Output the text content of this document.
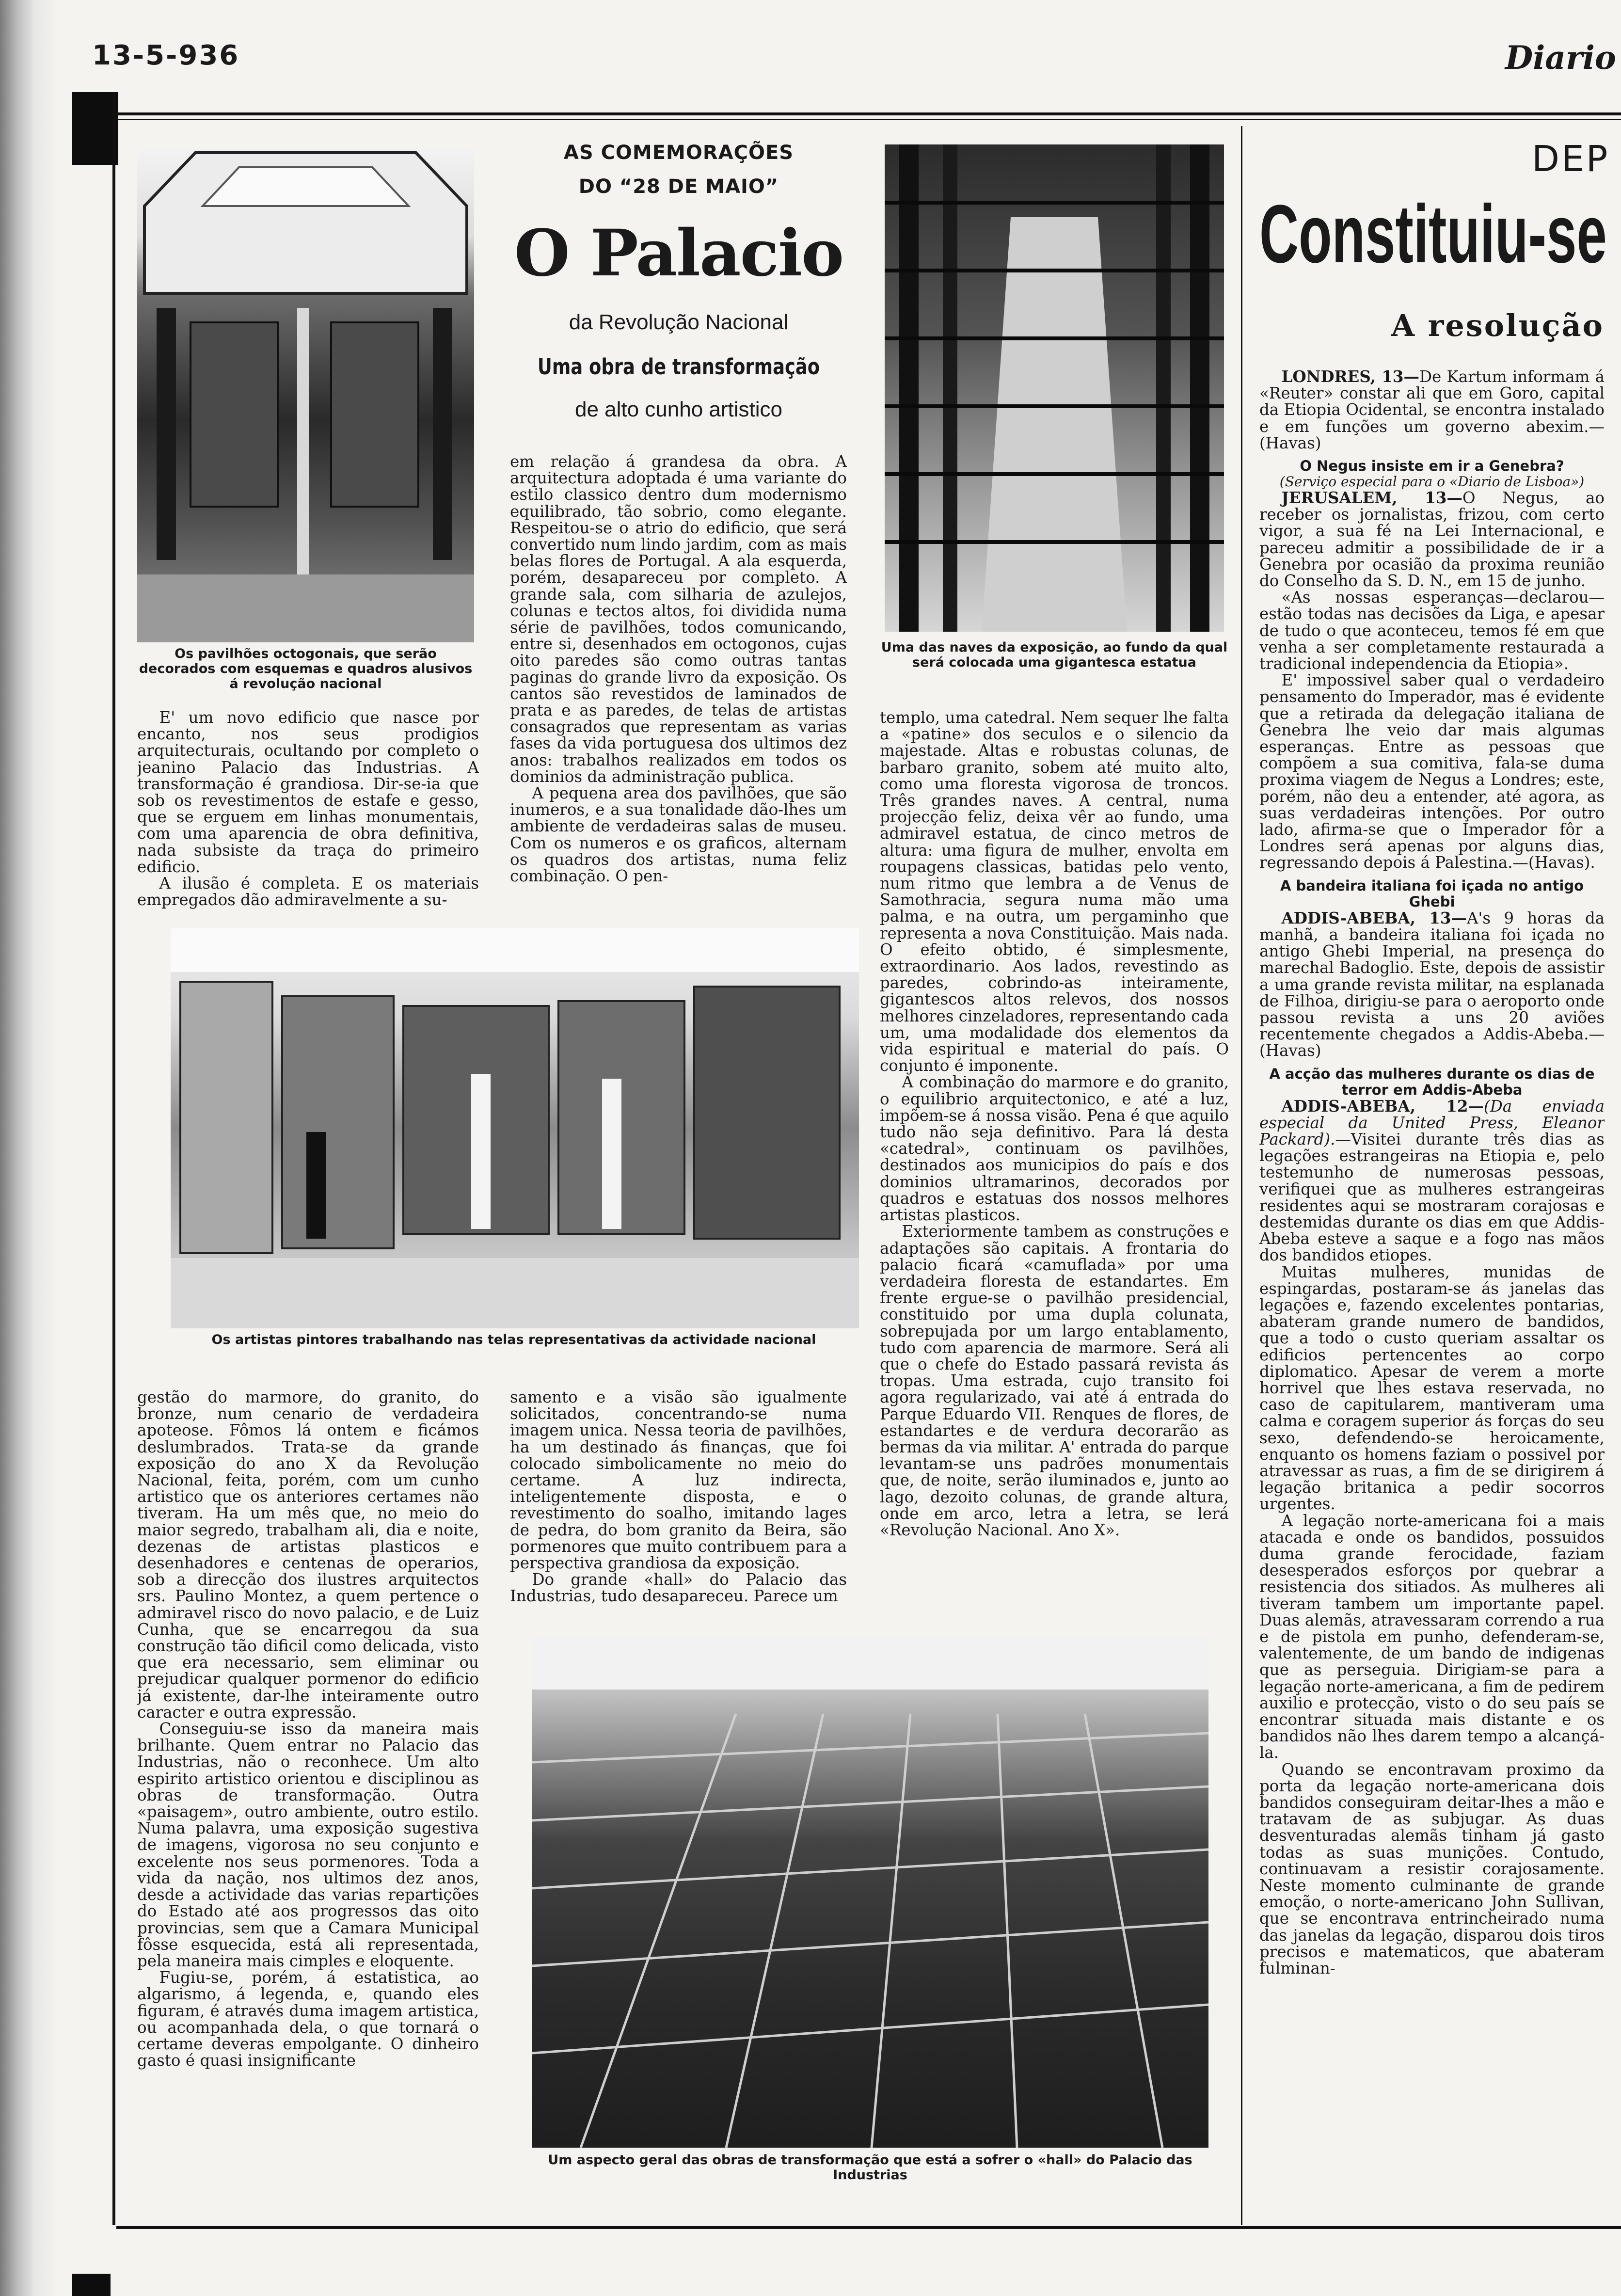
13-5-936	Diario
Os pavilhões octogonais, que serão decorados com esquemas e quadros alusivos á revolução nacional

E' um novo edificio que nasce por encanto, nos seus prodigios arquitecturais, ocultando por completo o jeanino Palacio das Industrias. A transformação é grandiosa. Dir-se-ia que sob os revestimentos de estafe e gesso, que se erguem em linhas monumentais, com uma aparencia de obra definitiva, nada subsiste da traça do primeiro edificio.

A ilusão é completa. E os materiais empregados dão admiravelmente a su-

AS COMEMORAÇÕES
DO “28 DE MAIO”
O Palacio
da Revolução Nacional
Uma obra de transformação
de alto cunho artistico

em relação á grandesa da obra. A arquitectura adoptada é uma variante do estilo classico dentro dum modernismo equilibrado, tão sobrio, como elegante. Respeitou-se o atrio do edificio, que será convertido num lindo jardim, com as mais belas flores de Portugal. A ala esquerda, porém, desapareceu por completo. A grande sala, com silharia de azulejos, colunas e tectos altos, foi dividida numa série de pavilhões, todos comunicando, entre si, desenhados em octogonos, cujas oito paredes são como outras tantas paginas do grande livro da exposição. Os cantos são revestidos de laminados de prata e as paredes, de telas de artistas consagrados que representam as varias fases da vida portuguesa dos ultimos dez anos: trabalhos realizados em todos os dominios da administração publica.

A pequena area dos pavilhões, que são inumeros, e a sua tonalidade dão-lhes um ambiente de verdadeiras salas de museu. Com os numeros e os graficos, alternam os quadros dos artistas, numa feliz combinação. O pen-

Uma das naves da exposição, ao fundo da qual será colocada uma gigantesca estatua

templo, uma catedral. Nem sequer lhe falta a «patine» dos seculos e o silencio da majestade. Altas e robustas colunas, de barbaro granito, sobem até muito alto, como uma floresta vigorosa de troncos. Três grandes naves. A central, numa projecção feliz, deixa vêr ao fundo, uma admiravel estatua, de cinco metros de altura: uma figura de mulher, envolta em roupagens classicas, batidas pelo vento, num ritmo que lembra a de Venus de Samothracia, segura numa mão uma palma, e na outra, um pergaminho que representa a nova Constituição. Mais nada. O efeito obtido, é simplesmente, extraordinario. Aos lados, revestindo as paredes, cobrindo-as inteiramente, gigantescos altos relevos, dos nossos melhores cinzeladores, representando cada um, uma modalidade dos elementos da vida espiritual e material do país. O conjunto é imponente.

A combinação do marmore e do granito, o equilibrio arquitectonico, e até a luz, impõem-se á nossa visão. Pena é que aquilo tudo não seja definitivo. Para lá desta «catedral», continuam os pavilhões, destinados aos municipios do país e dos dominios ultramarinos, decorados por quadros e estatuas dos nossos melhores artistas plasticos.

Exteriormente tambem as construções e adaptações são capitais. A frontaria do palacio ficará «camuflada» por uma verdadeira floresta de estandartes. Em frente ergue-se o pavilhão presidencial, constituido por uma dupla colunata, sobrepujada por um largo entablamento, tudo com aparencia de marmore. Será ali que o chefe do Estado passará revista ás tropas. Uma estrada, cujo transito foi agora regularizado, vai até á entrada do Parque Eduardo VII. Renques de flores, de estandartes e de verdura decorarão as bermas da via militar. A' entrada do parque levantam-se uns padrões monumentais que, de noite, serão iluminados e, junto ao lago, dezoito colunas, de grande altura, onde em arco, letra a letra, se lerá «Revolução Nacional. Ano X».

Os artistas pintores trabalhando nas telas representativas da actividade nacional

gestão do marmore, do granito, do bronze, num cenario de verdadeira apoteose. Fômos lá ontem e ficámos deslumbrados. Trata-se da grande exposição do ano X da Revolução Nacional, feita, porém, com um cunho artistico que os anteriores certames não tiveram. Ha um mês que, no meio do maior segredo, trabalham ali, dia e noite, dezenas de artistas plasticos e desenhadores e centenas de operarios, sob a direcção dos ilustres arquitectos srs. Paulino Montez, a quem pertence o admiravel risco do novo palacio, e de Luiz Cunha, que se encarregou da sua construção tão dificil como delicada, visto que era necessario, sem eliminar ou prejudicar qualquer pormenor do edificio já existente, dar-lhe inteiramente outro caracter e outra expressão.

Conseguiu-se isso da maneira mais brilhante. Quem entrar no Palacio das Industrias, não o reconhece. Um alto espirito artistico orientou e disciplinou as obras de transformação. Outra «paisagem», outro ambiente, outro estilo. Numa palavra, uma exposição sugestiva de imagens, vigorosa no seu conjunto e excelente nos seus pormenores. Toda a vida da nação, nos ultimos dez anos, desde a actividade das varias repartições do Estado até aos progressos das oito provincias, sem que a Camara Municipal fôsse esquecida, está ali representada, pela maneira mais cimples e eloquente.

Fugiu-se, porém, á estatistica, ao algarismo, á legenda, e, quando eles figuram, é através duma imagem artistica, ou acompanhada dela, o que tornará o certame deveras empolgante. O dinheiro gasto é quasi insignificante

samento e a visão são igualmente solicitados, concentrando-se numa imagem unica. Nessa teoria de pavilhões, ha um destinado ás finanças, que foi colocado simbolicamente no meio do certame. A luz indirecta, inteligentemente disposta, e o revestimento do soalho, imitando lages de pedra, do bom granito da Beira, são pormenores que muito contribuem para a perspectiva grandiosa da exposição.

Do grande «hall» do Palacio das Industrias, tudo desapareceu. Parece um

Um aspecto geral das obras de transformação que está a sofrer o «hall» do Palacio das Industrias
DEP
Constituiu-se
A resolução

LONDRES, 13—De Kartum informam á «Reuter» constar ali que em Goro, capital da Etiopia Ocidental, se encontra instalado e em funções um governo abexim.—(Havas)

O Negus insiste em ir a Genebra?
(Serviço especial para o «Diario de Lisboa»)

JERUSALEM, 13—O Negus, ao receber os jornalistas, frizou, com certo vigor, a sua fé na Lei Internacional, e pareceu admitir a possibilidade de ir a Genebra por ocasião da proxima reunião do Conselho da S. D. N., em 15 de junho.

«As nossas esperanças—declarou— estão todas nas decisões da Liga, e apesar de tudo o que aconteceu, temos fé em que venha a ser completamente restaurada a tradicional independencia da Etiopia».

E' impossivel saber qual o verdadeiro pensamento do Imperador, mas é evidente que a retirada da delegação italiana de Genebra lhe veio dar mais algumas esperanças. Entre as pessoas que compõem a sua comitiva, fala-se duma proxima viagem de Negus a Londres; este, porém, não deu a entender, até agora, as suas verdadeiras intenções. Por outro lado, afirma-se que o Imperador fôr a Londres será apenas por alguns dias, regressando depois á Palestina.—(Havas).

A bandeira italiana foi içada no antigo Ghebi

ADDIS-ABEBA, 13—A's 9 horas da manhã, a bandeira italiana foi içada no antigo Ghebi Imperial, na presença do marechal Badoglio. Este, depois de assistir a uma grande revista militar, na esplanada de Filhoa, dirigiu-se para o aeroporto onde passou revista a uns 20 aviões recentemente chegados a Addis-Abeba.—(Havas)

A acção das mulheres durante os dias de terror em Addis-Abeba

ADDIS-ABEBA, 12—(Da enviada especial da United Press, Eleanor Packard).—Visitei durante três dias as legações estrangeiras na Etiopia e, pelo testemunho de numerosas pessoas, verifiquei que as mulheres estrangeiras residentes aqui se mostraram corajosas e destemidas durante os dias em que Addis-Abeba esteve a saque e a fogo nas mãos dos bandidos etiopes.

Muitas mulheres, munidas de espingardas, postaram-se ás janelas das legações e, fazendo excelentes pontarias, abateram grande numero de bandidos, que a todo o custo queriam assaltar os edificios pertencentes ao corpo diplomatico. Apesar de verem a morte horrivel que lhes estava reservada, no caso de capitularem, mantiveram uma calma e coragem superior ás forças do seu sexo, defendendo-se heroicamente, enquanto os homens faziam o possivel por atravessar as ruas, a fim de se dirigirem á legação britanica a pedir socorros urgentes.

A legação norte-americana foi a mais atacada e onde os bandidos, possuidos duma grande ferocidade, faziam desesperados esforços por quebrar a resistencia dos sitiados. As mulheres ali tiveram tambem um importante papel. Duas alemãs, atravessaram correndo a rua e de pistola em punho, defenderam-se, valentemente, de um bando de indigenas que as perseguia. Dirigiam-se para a legação norte-americana, a fim de pedirem auxilio e protecção, visto o do seu país se encontrar situada mais distante e os bandidos não lhes darem tempo a alcançá-la.

Quando se encontravam proximo da porta da legação norte-americana dois bandidos conseguiram deitar-lhes a mão e tratavam de as subjugar. As duas desventuradas alemãs tinham já gasto todas as suas munições. Contudo, continuavam a resistir corajosamente. Neste momento culminante de grande emoção, o norte-americano John Sullivan, que se encontrava entrincheirado numa das janelas da legação, disparou dois tiros precisos e matematicos, que abateram fulminan-
